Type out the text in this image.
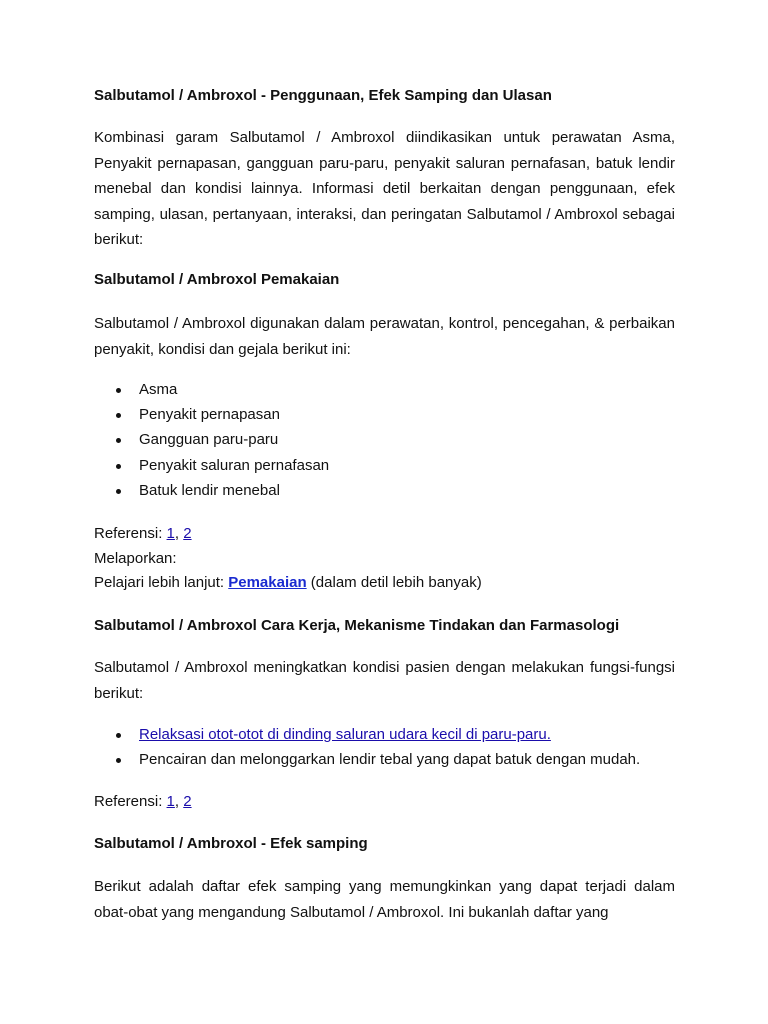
Salbutamol / Ambroxol - Penggunaan, Efek Samping dan Ulasan

Kombinasi garam Salbutamol / Ambroxol diindikasikan untuk perawatan Asma, Penyakit pernapasan, gangguan paru-paru, penyakit saluran pernafasan, batuk lendir menebal dan kondisi lainnya. Informasi detil berkaitan dengan penggunaan, efek samping, ulasan, pertanyaan, interaksi, dan peringatan Salbutamol / Ambroxol sebagai berikut:

Salbutamol / Ambroxol Pemakaian

Salbutamol / Ambroxol digunakan dalam perawatan, kontrol, pencegahan, & perbaikan penyakit, kondisi dan gejala berikut ini:

Asma
Penyakit pernapasan
Gangguan paru-paru
Penyakit saluran pernafasan
Batuk lendir menebal

Referensi: 1, 2

Melaporkan:

Pelajari lebih lanjut: Pemakaian (dalam detil lebih banyak)

Salbutamol / Ambroxol Cara Kerja, Mekanisme Tindakan dan Farmasologi

Salbutamol / Ambroxol meningkatkan kondisi pasien dengan melakukan fungsi-fungsi berikut:

Relaksasi otot-otot di dinding saluran udara kecil di paru-paru.
Pencairan dan melonggarkan lendir tebal yang dapat batuk dengan mudah.

Referensi: 1, 2

Salbutamol / Ambroxol - Efek samping

Berikut adalah daftar efek samping yang memungkinkan yang dapat terjadi dalam obat-obat yang mengandung Salbutamol / Ambroxol. Ini bukanlah daftar yang
